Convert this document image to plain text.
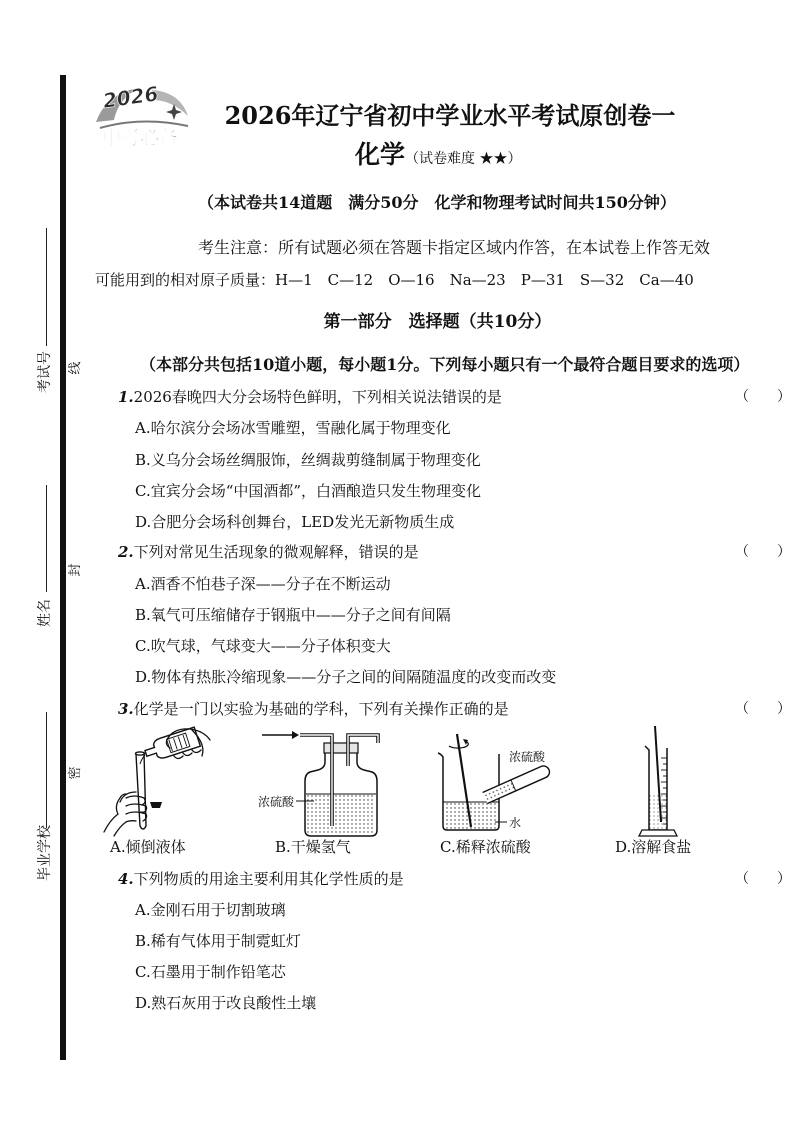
考试号
姓名
毕业学校
线
封
密
2026
中考必备
2026年辽宁省初中学业水平考试原创卷一
化学（试卷难度 ★★）
（本试卷共14道题　满分50分　化学和物理考试时间共150分钟）
考生注意：所有试题必须在答题卡指定区域内作答，在本试卷上作答无效
可能用到的相对原子质量：H—1　C—12　O—16　Na—23　P—31　S—32　Ca—40
第一部分　选择题（共10分）
（本部分共包括10道小题，每小题1分。下列每小题只有一个最符合题目要求的选项）
1.2026春晚四大分会场特色鲜明，下列相关说法错误的是	（　　）
A.哈尔滨分会场冰雪雕塑，雪融化属于物理变化
B.义乌分会场丝绸服饰，丝绸裁剪缝制属于物理变化
C.宜宾分会场“中国酒都”，白酒酿造只发生物理变化
D.合肥分会场科创舞台，LED发光无新物质生成
2.下列对常见生活现象的微观解释，错误的是	（　　）
A.酒香不怕巷子深——分子在不断运动
B.氧气可压缩储存于钢瓶中——分子之间有间隔
C.吹气球，气球变大——分子体积变大
D.物体有热胀冷缩现象——分子之间的间隔随温度的改变而改变
3.化学是一门以实验为基础的学科，下列有关操作正确的是	（　　）
浓硫酸
浓硫酸
水
A.倾倒液体	B.干燥氢气	C.稀释浓硫酸	D.溶解食盐
4.下列物质的用途主要利用其化学性质的是	（　　）
A.金刚石用于切割玻璃
B.稀有气体用于制霓虹灯
C.石墨用于制作铅笔芯
D.熟石灰用于改良酸性土壤
